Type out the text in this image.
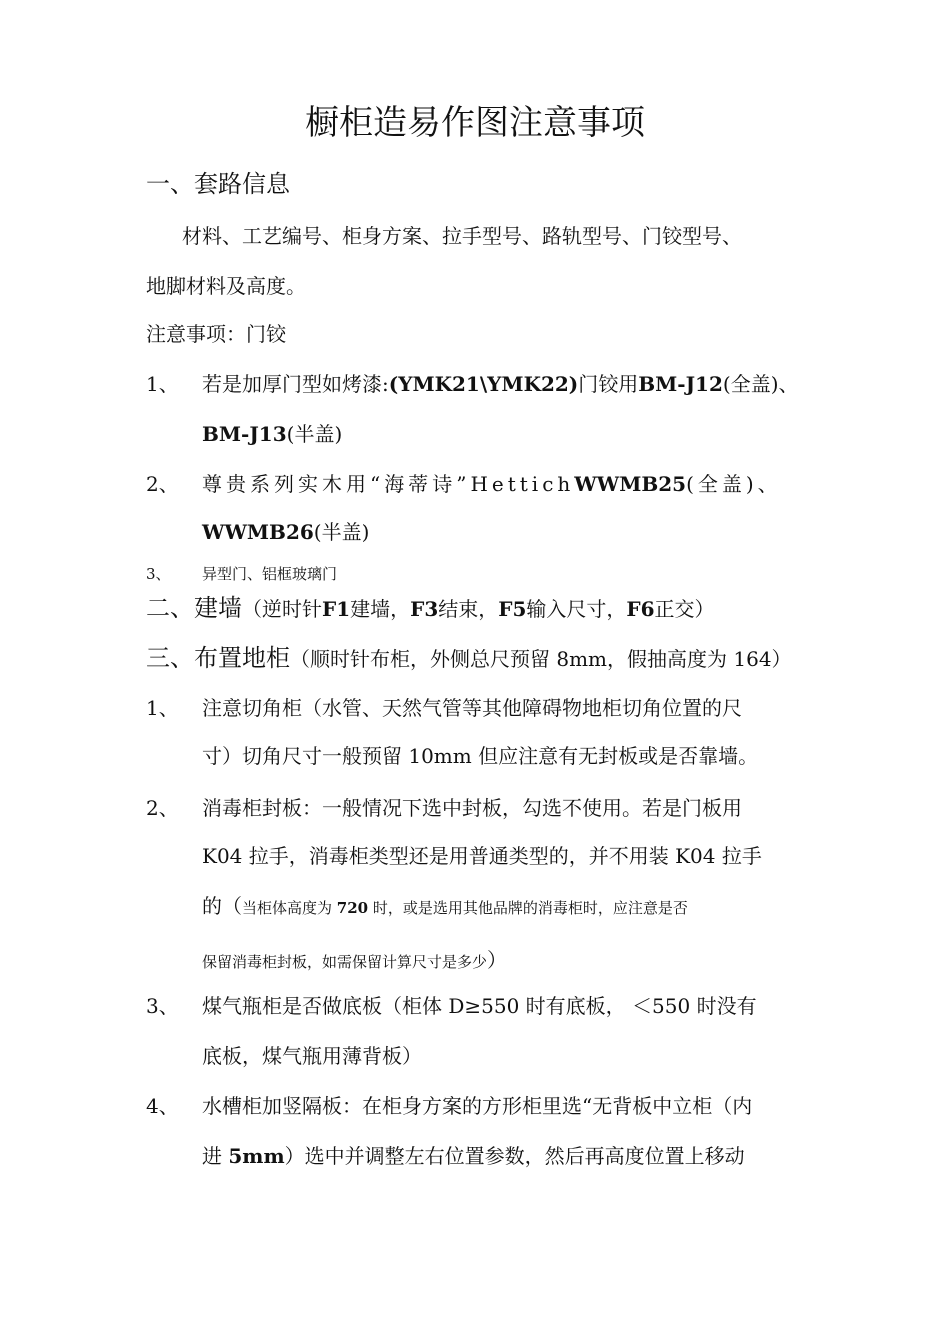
橱柜造易作图注意事项
一、套路信息
材料、工艺编号、柜身方案、拉手型号、路轨型号、门铰型号、
地脚材料及高度。
注意事项：门铰
1、 若是加厚门型如烤漆:(YMK21\YMK22)门铰用BM-J12(全盖)、
BM-J13(半盖)
2、 尊贵系列实木用“海蒂诗”HettichWWMB25(全盖)、
WWMB26(半盖)
3、 异型门、铝框玻璃门
二、建墙（逆时针F1建墙，F3结束，F5输入尺寸，F6正交）
三、布置地柜（顺时针布柜，外侧总尺预留 8mm，假抽高度为 164）
1、 注意切角柜（水管、天然气管等其他障碍物地柜切角位置的尺
寸）切角尺寸一般预留 10mm 但应注意有无封板或是否靠墙。
2、 消毒柜封板：一般情况下选中封板，勾选不使用。若是门板用
K04 拉手，消毒柜类型还是用普通类型的，并不用装 K04 拉手
的（当柜体高度为 720 时，或是选用其他品牌的消毒柜时，应注意是否
保留消毒柜封板，如需保留计算尺寸是多少）
3、 煤气瓶柜是否做底板（柜体 D≥550 时有底板， ＜550 时没有
底板，煤气瓶用薄背板）
4、 水槽柜加竖隔板：在柜身方案的方形柜里选“无背板中立柜（内
进 5mm）选中并调整左右位置参数，然后再高度位置上移动
